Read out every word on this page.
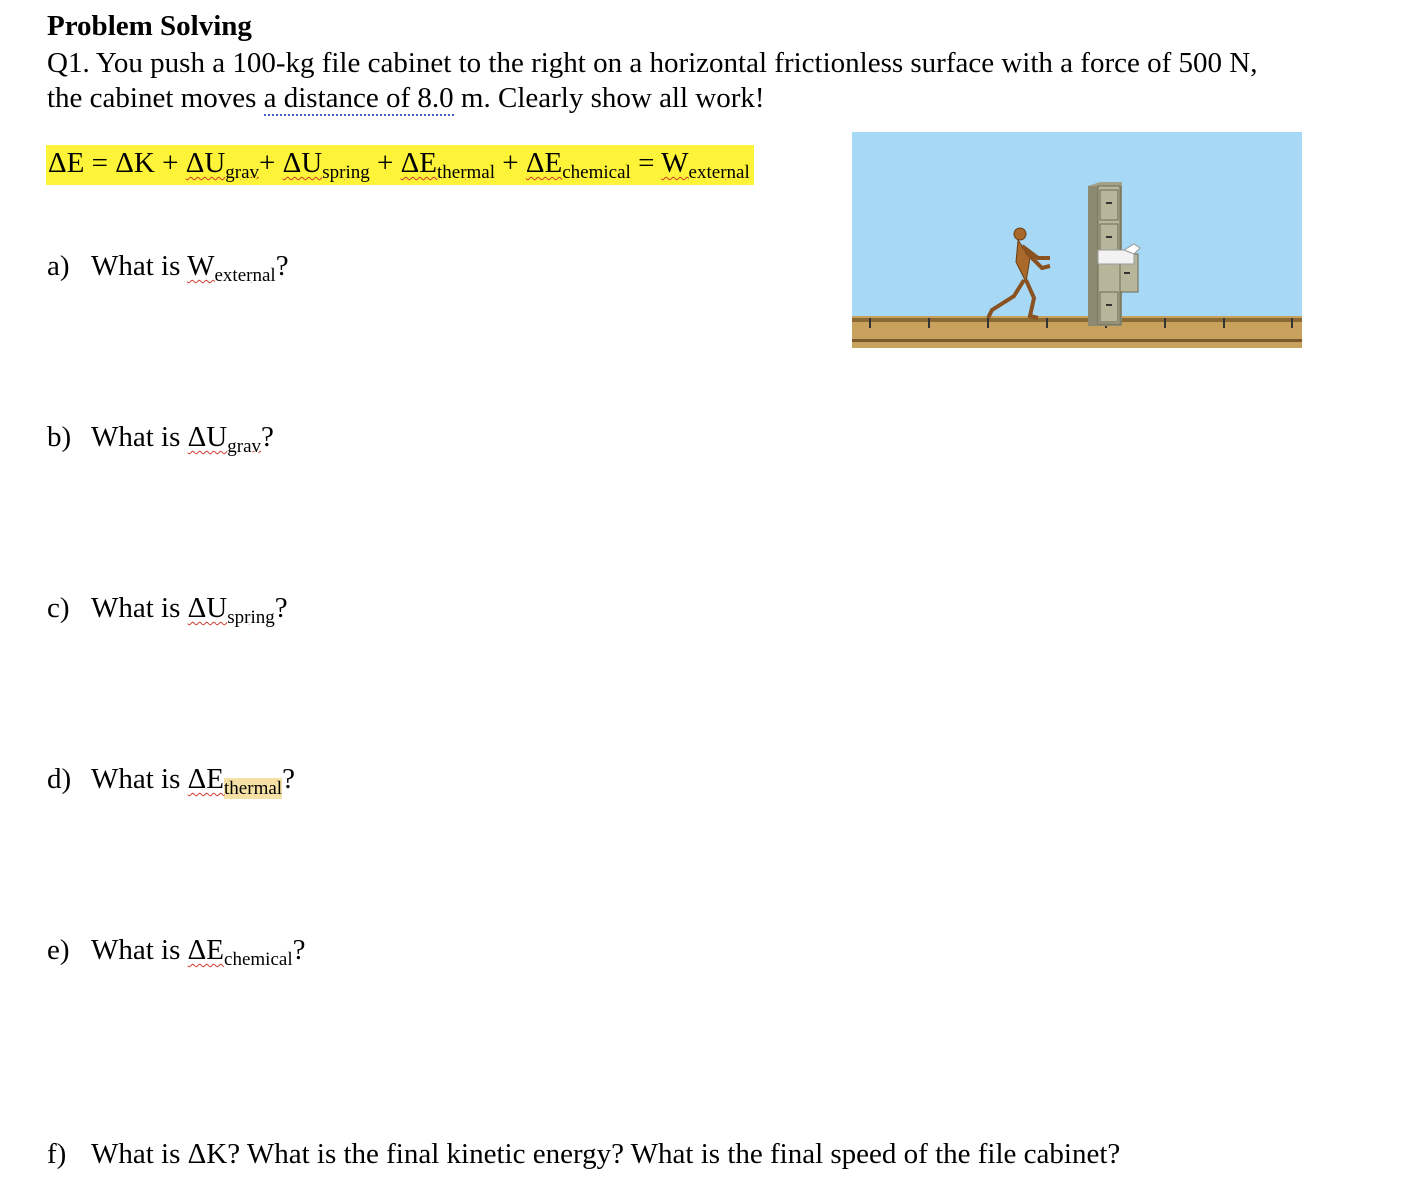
Problem Solving
Q1. You push a 100-kg file cabinet to the right on a horizontal frictionless surface with a force of 500 N,
the cabinet moves a distance of 8.0 m. Clearly show all work!
$\Delta E = \Delta K + \Delta U_{grav}+ \Delta U_{spring} + \Delta E_{thermal} + \Delta E_{chemical} = W_{external}$
a) What is $W_{external}$?
b) What is $\Delta U_{grav}$?
c) What is $\Delta U_{spring}$?
d) What is $\Delta E_{thermal}$?
e) What is $\Delta E_{chemical}$?
f) What is ΔK? What is the final kinetic energy? What is the final speed of the file cabinet?
